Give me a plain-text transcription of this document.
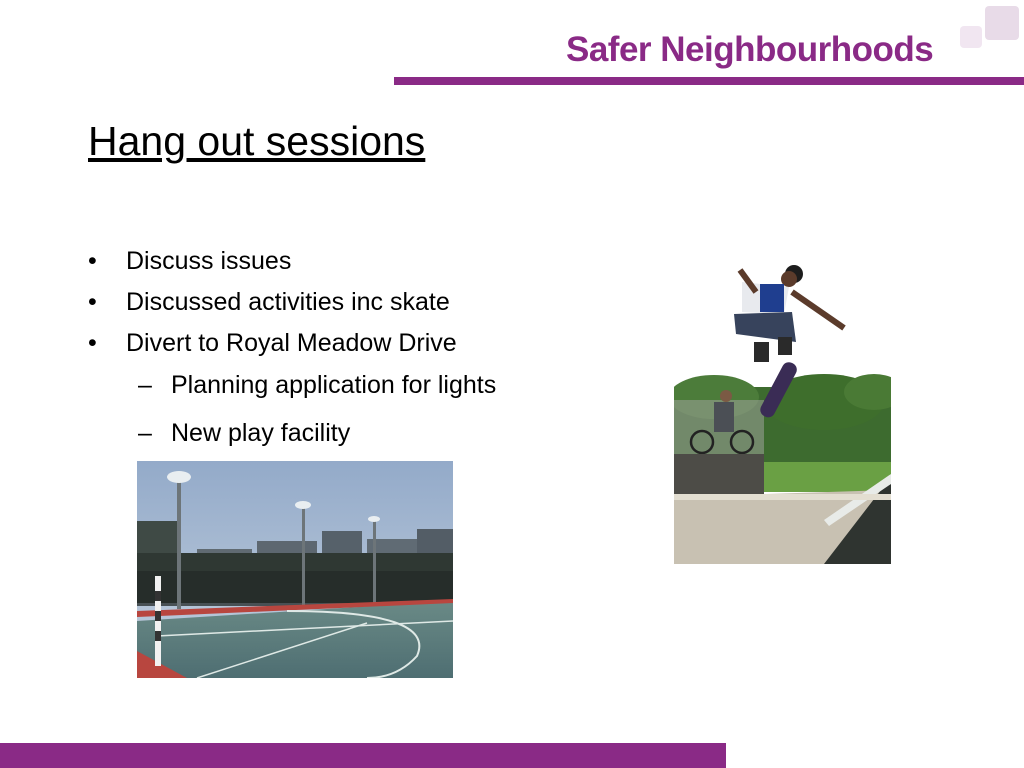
Safer Neighbourhoods
Hang out sessions
• Discuss issues
• Discussed activities inc skate
• Divert to Royal Meadow Drive
– Planning application for lights
– New play facility
